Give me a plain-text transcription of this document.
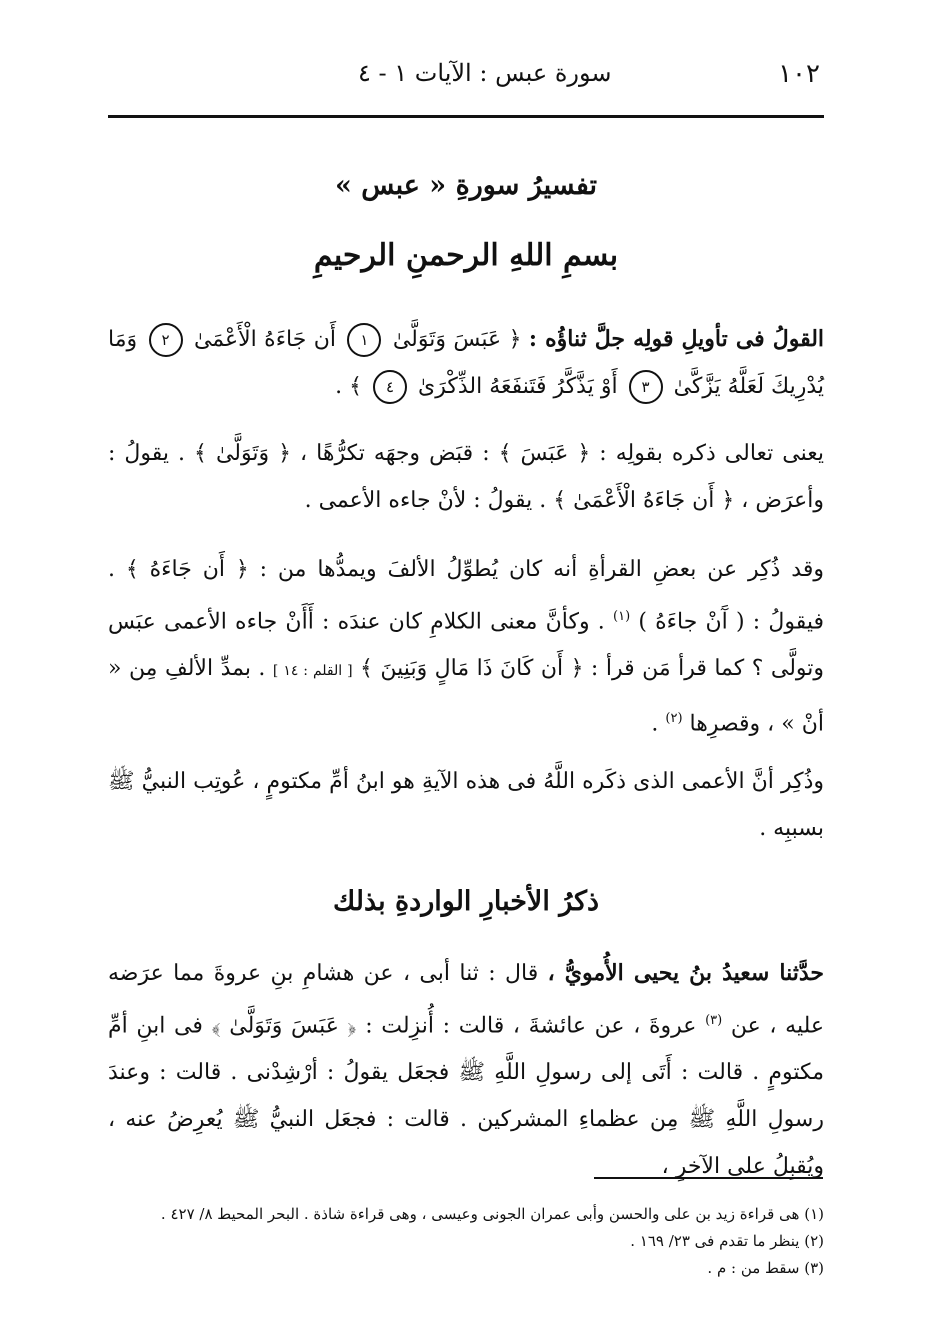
١٠٢
سورة عبس : الآيات ١ - ٤
تفسيرُ سورةِ « عبس »
بسمِ اللهِ الرحمنِ الرحيمِ
القولُ فى تأويلِ قولِه جلَّ ثناؤُه : ﴿ عَبَسَ وَتَوَلَّىٰ ١ أَن جَاءَهُ الْأَعْمَىٰ ٢ وَمَا يُدْرِيكَ لَعَلَّهُ يَزَّكَّىٰ ٣ أَوْ يَذَّكَّرُ فَتَنفَعَهُ الذِّكْرَىٰ ٤ ﴾ .
يعنى تعالى ذكره بقولِه : ﴿ عَبَسَ ﴾ : قبَض وجهَه تكرُّهًا ، ﴿ وَتَوَلَّىٰ ﴾ . يقولُ : وأعرَض ، ﴿ أَن جَاءَهُ الْأَعْمَىٰ ﴾ . يقولُ : لأنْ جاءه الأعمى .
وقد ذُكِر عن بعضِ القرأةِ أنه كان يُطوِّلُ الألفَ ويمدُّها من : ﴿ أَن جَاءَهُ ﴾ . فيقولُ : ( آَنْ جاءَهُ ) $^{(١)}$ . وكأنَّ معنى الكلامِ كان عندَه : أَأَنْ جاءه الأعمى عبَس وتولَّى ؟ كما قرأ مَن قرأ : ﴿ أَن كَانَ ذَا مَالٍ وَبَنِينَ ﴾ [ القلم : ١٤ ] . بمدِّ الألفِ مِن « أنْ » ، وقصرِها $^{(٢)}$ .
وذُكِر أنَّ الأعمى الذى ذكَره اللَّهُ فى هذه الآيةِ هو ابنُ أمِّ مكتومٍ ، عُوتِب النبيُّ ﷺ بسببِه .
ذكرُ الأخبارِ الواردةِ بذلك
حدَّثنا سعيدُ بنُ يحيى الأُمويُّ ، قال : ثنا أبى ، عن هشامِ بنِ عروةَ مما عرَضه عليه ، عن $^{(٣)}$ عروةَ ، عن عائشةَ ، قالت : أُنزِلت : ﴿ عَبَسَ وَتَوَلَّىٰ ﴾ فى ابنِ أمِّ مكتومٍ . قالت : أَتَى إلى رسولِ اللَّهِ ﷺ فجعَل يقولُ : أرْشِدْنى . قالت : وعندَ رسولِ اللَّهِ ﷺ مِن عظماءِ المشركين . قالت : فجعَل النبيُّ ﷺ يُعرِضُ عنه ، ويُقبِلُ على الآخرِ ،

(١) هى قراءة زيد بن على والحسن وأبى عمران الجونى وعيسى ، وهى قراءة شاذة . البحر المحيط ٨/ ٤٢٧ .

(٢) ينظر ما تقدم فى ٢٣/ ١٦٩ .

(٣) سقط من : م .
